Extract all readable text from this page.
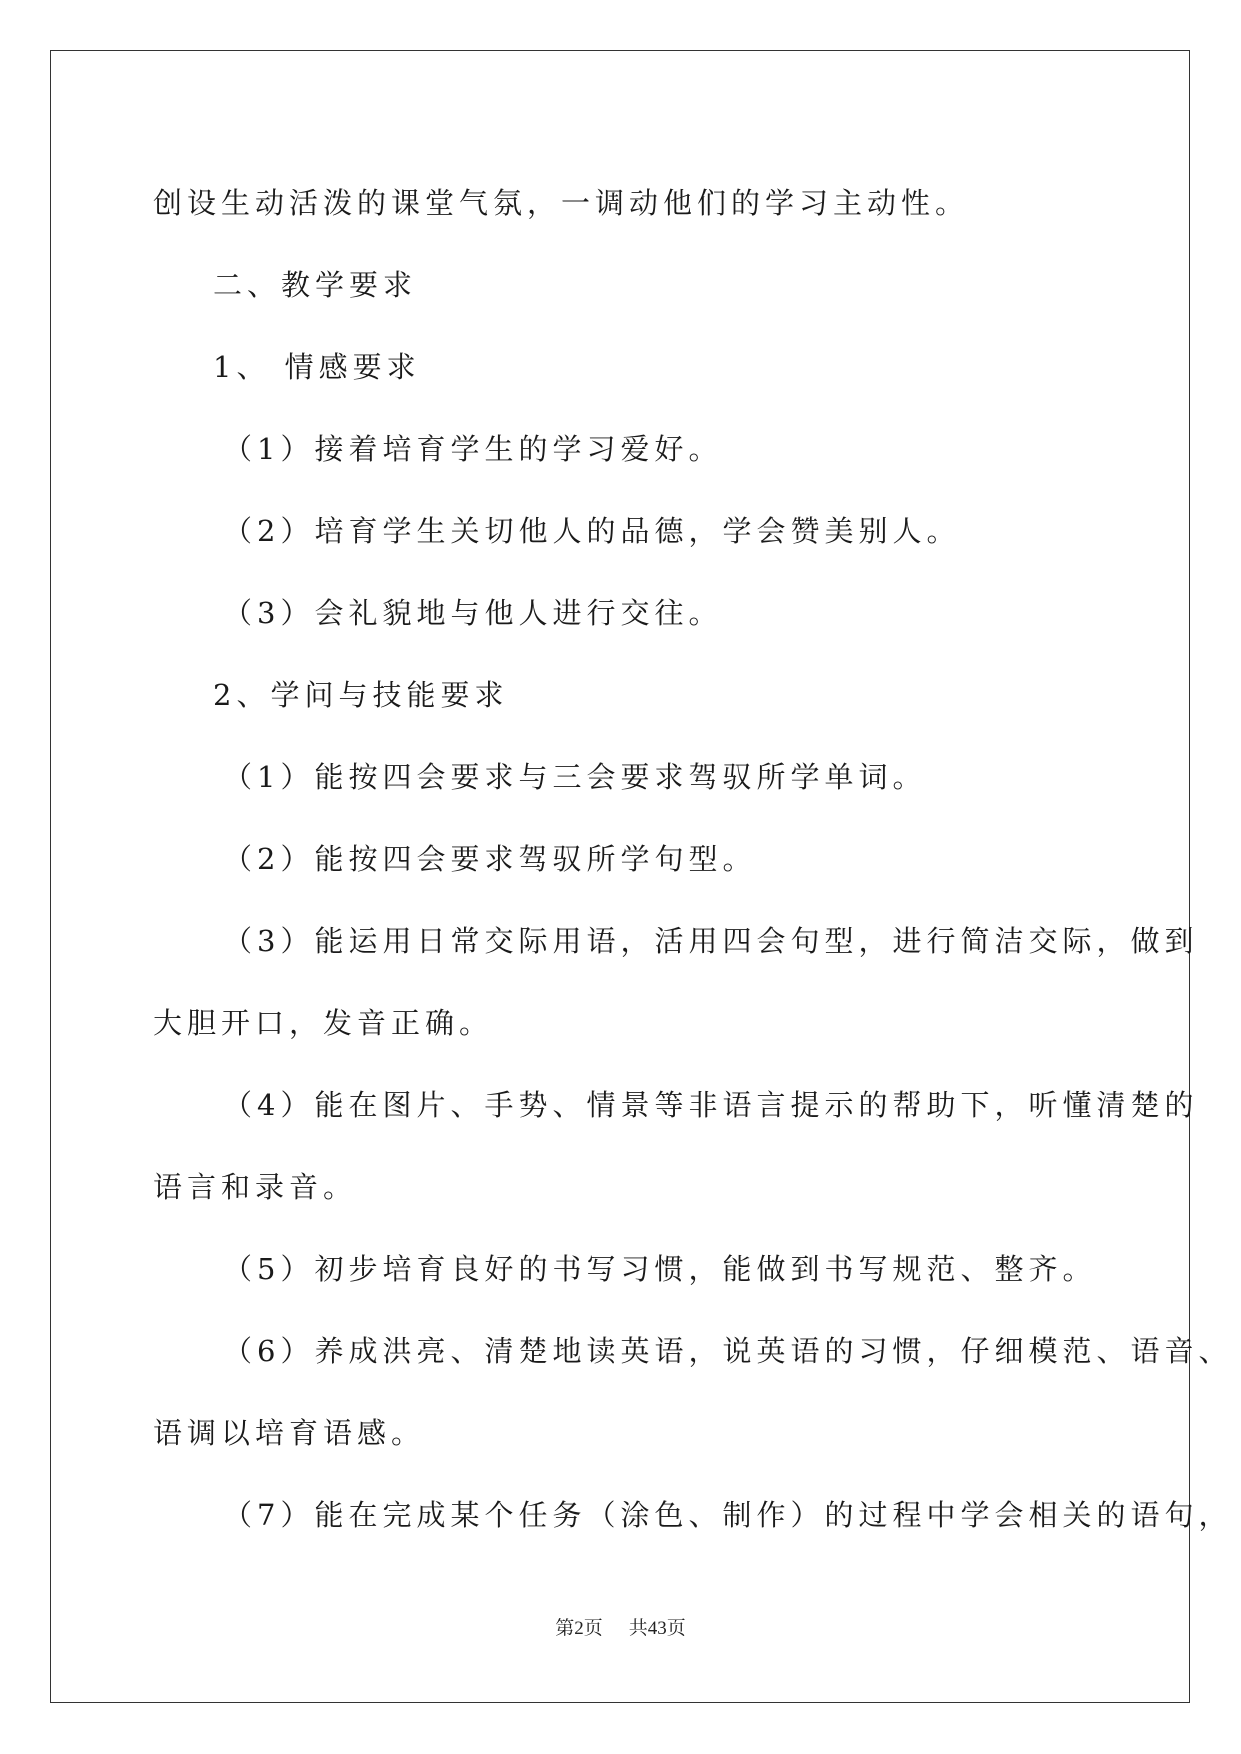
创设生动活泼的课堂气氛，一调动他们的学习主动性。
二、教学要求
1、 情感要求
（1）接着培育学生的学习爱好。
（2）培育学生关切他人的品德，学会赞美别人。
（3）会礼貌地与他人进行交往。
2、学问与技能要求
（1）能按四会要求与三会要求驾驭所学单词。
（2）能按四会要求驾驭所学句型。
（3）能运用日常交际用语，活用四会句型，进行简洁交际，做到
大胆开口，发音正确。
（4）能在图片、手势、情景等非语言提示的帮助下，听懂清楚的
语言和录音。
（5）初步培育良好的书写习惯，能做到书写规范、整齐。
（6）养成洪亮、清楚地读英语，说英语的习惯，仔细模范、语音、
语调以培育语感。
（7）能在完成某个任务（涂色、制作）的过程中学会相关的语句，
第2页 共43页
